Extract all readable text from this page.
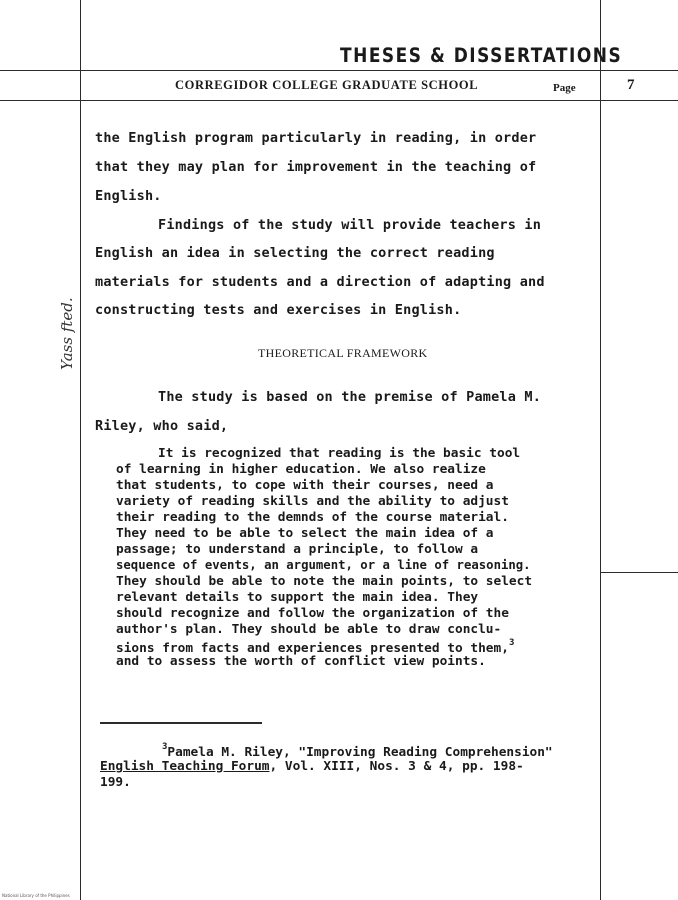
THESES & DISSERTATIONS
CORREGIDOR COLLEGE GRADUATE SCHOOL	Page	7
the English program particularly in reading, in order
that they may plan for improvement in the teaching of
English.
Findings of the study will provide teachers in
English an idea in selecting the correct reading
materials for students and a direction of adapting and
constructing tests and exercises in English.
THEORETICAL FRAMEWORK
Yass fted.
The study is based on the premise of Pamela M.
Riley, who said,
It is recognized that reading is the basic tool
of learning in higher education. We also realize
that students, to cope with their courses, need a
variety of reading skills and the ability to adjust
their reading to the demnds of the course material.
They need to be able to select the main idea of a
passage; to understand a principle, to follow a
sequence of events, an argument, or a line of reasoning.
They should be able to note the main points, to select
relevant details to support the main idea. They
should recognize and follow the organization of the
author's plan. They should be able to draw conclu-
sions from facts and experiences presented to them,$^3$
and to assess the worth of conflict view points.
$^3$Pamela M. Riley, "Improving Reading Comprehension"
English Teaching Forum, Vol. XIII, Nos. 3 & 4, pp. 198-
199.
National Library of the Philippines
